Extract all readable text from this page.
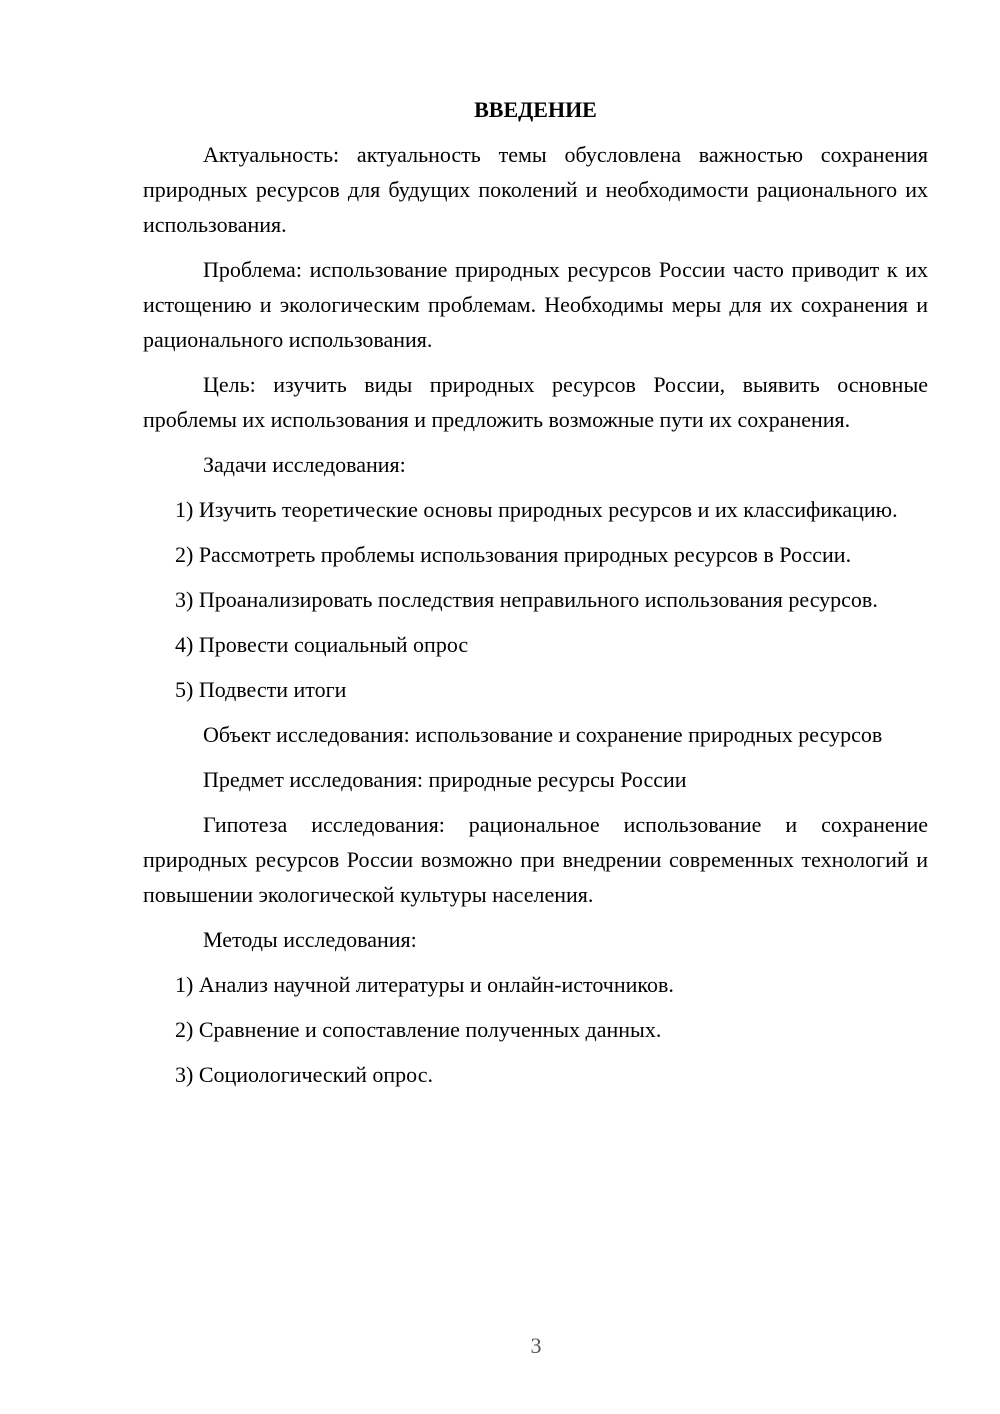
ВВЕДЕНИЕ

Актуальность: актуальность темы обусловлена важностью сохранения природных ресурсов для будущих поколений и необходимости рационального их использования.

Проблема: использование природных ресурсов России часто приводит к их истощению и экологическим проблемам. Необходимы меры для их сохранения и рационального использования.

Цель: изучить виды природных ресурсов России, выявить основные проблемы их использования и предложить возможные пути их сохранения.

Задачи исследования:

1) Изучить теоретические основы природных ресурсов и их классификацию.

2) Рассмотреть проблемы использования природных ресурсов в России.

3) Проанализировать последствия неправильного использования ресурсов.

4) Провести социальный опрос

5) Подвести итоги

Объект исследования: использование и сохранение природных ресурсов

Предмет исследования: природные ресурсы России

Гипотеза исследования: рациональное использование и сохранение природных ресурсов России возможно при внедрении современных технологий и повышении экологической культуры населения.

Методы исследования:

1) Анализ научной литературы и онлайн-источников.

2) Сравнение и сопоставление полученных данных.

3) Социологический опрос.

3
